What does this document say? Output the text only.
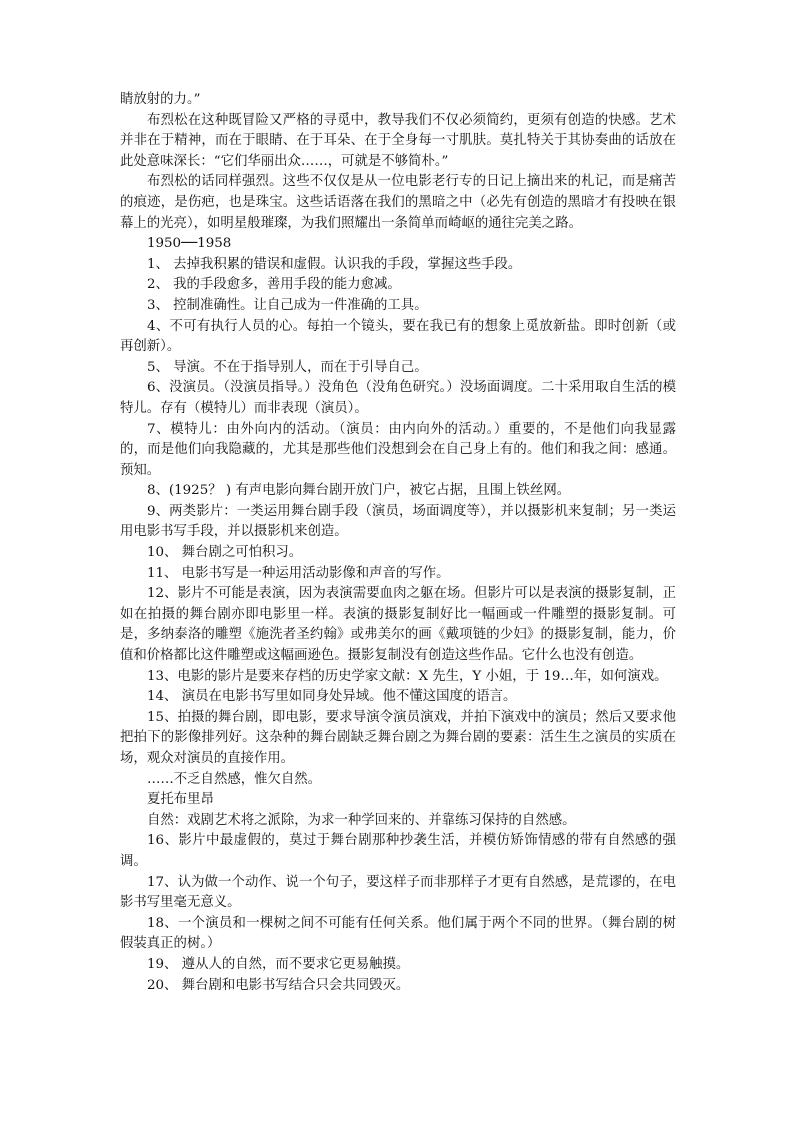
睛放射的力。”

布烈松在这种既冒险又严格的寻觅中，教导我们不仅必须简约，更须有创造的快感。艺术并非在于精神，而在于眼睛、在于耳朵、在于全身每一寸肌肤。莫扎特关于其协奏曲的话放在此处意味深长：“它们华丽出众……，可就是不够简朴。”

布烈松的话同样强烈。这些不仅仅是从一位电影老行专的日记上摘出来的札记，而是痛苦的痕迹，是伤疤，也是珠宝。这些话语落在我们的黑暗之中（必先有创造的黑暗才有投映在银幕上的光亮），如明星般璀璨，为我们照耀出一条简单而崎岖的通往完美之路。

1950──1958

1、 去掉我积累的错误和虚假。认识我的手段，掌握这些手段。

2、 我的手段愈多，善用手段的能力愈减。

3、 控制准确性。让自己成为一件准确的工具。

4、不可有执行人员的心。每拍一个镜头，要在我已有的想象上觅放新盐。即时创新（或再创新）。

5、 导演。不在于指导别人，而在于引导自己。

6、没演员。（没演员指导。）没角色（没角色研究。）没场面调度。二十采用取自生活的模特儿。存有（模特儿）而非表现（演员）。

7、模特儿：由外向内的活动。（演员：由内向外的活动。）重要的，不是他们向我显露的，而是他们向我隐藏的，尤其是那些他们没想到会在自己身上有的。他们和我之间：感通。预知。

8、(1925？ ) 有声电影向舞台剧开放门户，被它占据，且围上铁丝网。

9、两类影片：一类运用舞台剧手段（演员，场面调度等），并以摄影机来复制；另一类运用电影书写手段，并以摄影机来创造。

10、 舞台剧之可怕积习。

11、 电影书写是一种运用活动影像和声音的写作。

12、影片不可能是表演，因为表演需要血肉之躯在场。但影片可以是表演的摄影复制，正如在拍摄的舞台剧亦即电影里一样。表演的摄影复制好比一幅画或一件雕塑的摄影复制。可是，多纳泰洛的雕塑《施洗者圣约翰》或弗美尔的画《戴项链的少妇》的摄影复制，能力，价值和价格都比这件雕塑或这幅画逊色。摄影复制没有创造这些作品。它什么也没有创造。

13、电影的影片是要来存档的历史学家文献：X 先生，Y 小姐，于 19…年，如何演戏。

14、 演员在电影书写里如同身处异域。他不懂这国度的语言。

15、拍摄的舞台剧，即电影，要求导演令演员演戏，并拍下演戏中的演员；然后又要求他把拍下的影像排列好。这杂种的舞台剧缺乏舞台剧之为舞台剧的要素：活生生之演员的实质在场，观众对演员的直接作用。

……不乏自然感，惟欠自然。

夏托布里昂

自然：戏剧艺术将之派除，为求一种学回来的、并靠练习保持的自然感。

16、影片中最虚假的，莫过于舞台剧那种抄袭生活，并模仿矫饰情感的带有自然感的强调。

17、认为做一个动作、说一个句子，要这样子而非那样子才更有自然感，是荒谬的，在电影书写里毫无意义。

18、一个演员和一棵树之间不可能有任何关系。他们属于两个不同的世界。（舞台剧的树假装真正的树。）

19、 遵从人的自然，而不要求它更易触摸。

20、 舞台剧和电影书写结合只会共同毁灭。
